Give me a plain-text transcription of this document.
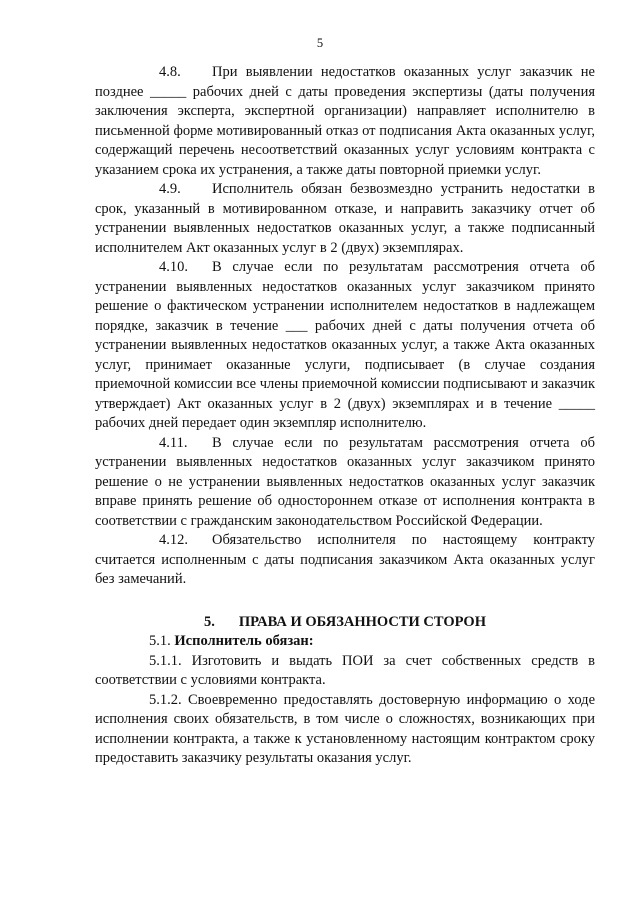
5

4.8. При выявлении недостатков оказанных услуг заказчик не позднее _____ рабочих дней с даты проведения экспертизы (даты получения заключения эксперта, экспертной организации) направляет исполнителю в письменной форме мотивированный отказ от подписания Акта оказанных услуг, содержащий перечень несоответствий оказанных услуг условиям контракта с указанием срока их устранения, а также даты повторной приемки услуг.

4.9. Исполнитель обязан безвозмездно устранить недостатки в срок, указанный в мотивированном отказе, и направить заказчику отчет об устранении выявленных недостатков оказанных услуг, а также подписанный исполнителем Акт оказанных услуг в 2 (двух) экземплярах.

4.10. В случае если по результатам рассмотрения отчета об устранении выявленных недостатков оказанных услуг заказчиком принято решение о фактическом устранении исполнителем недостатков в надлежащем порядке, заказчик в течение ___ рабочих дней с даты получения отчета об устранении выявленных недостатков оказанных услуг, а также Акта оказанных услуг, принимает оказанные услуги, подписывает (в случае создания приемочной комиссии все члены приемочной комиссии подписывают и заказчик утверждает) Акт оказанных услуг в 2 (двух) экземплярах и в течение _____ рабочих дней передает один экземпляр исполнителю.

4.11. В случае если по результатам рассмотрения отчета об устранении выявленных недостатков оказанных услуг заказчиком принято решение о не устранении выявленных недостатков оказанных услуг заказчик вправе принять решение об одностороннем отказе от исполнения контракта в соответствии с гражданским законодательством Российской Федерации.

4.12. Обязательство исполнителя по настоящему контракту считается исполненным с даты подписания заказчиком Акта оказанных услуг без замечаний.

5. ПРАВА И ОБЯЗАННОСТИ СТОРОН

5.1. Исполнитель обязан:

5.1.1. Изготовить и выдать ПОИ за счет собственных средств в соответствии с условиями контракта.

5.1.2. Своевременно предоставлять достоверную информацию о ходе исполнения своих обязательств, в том числе о сложностях, возникающих при исполнении контракта, а также к установленному настоящим контрактом сроку предоставить заказчику результаты оказания услуг.
